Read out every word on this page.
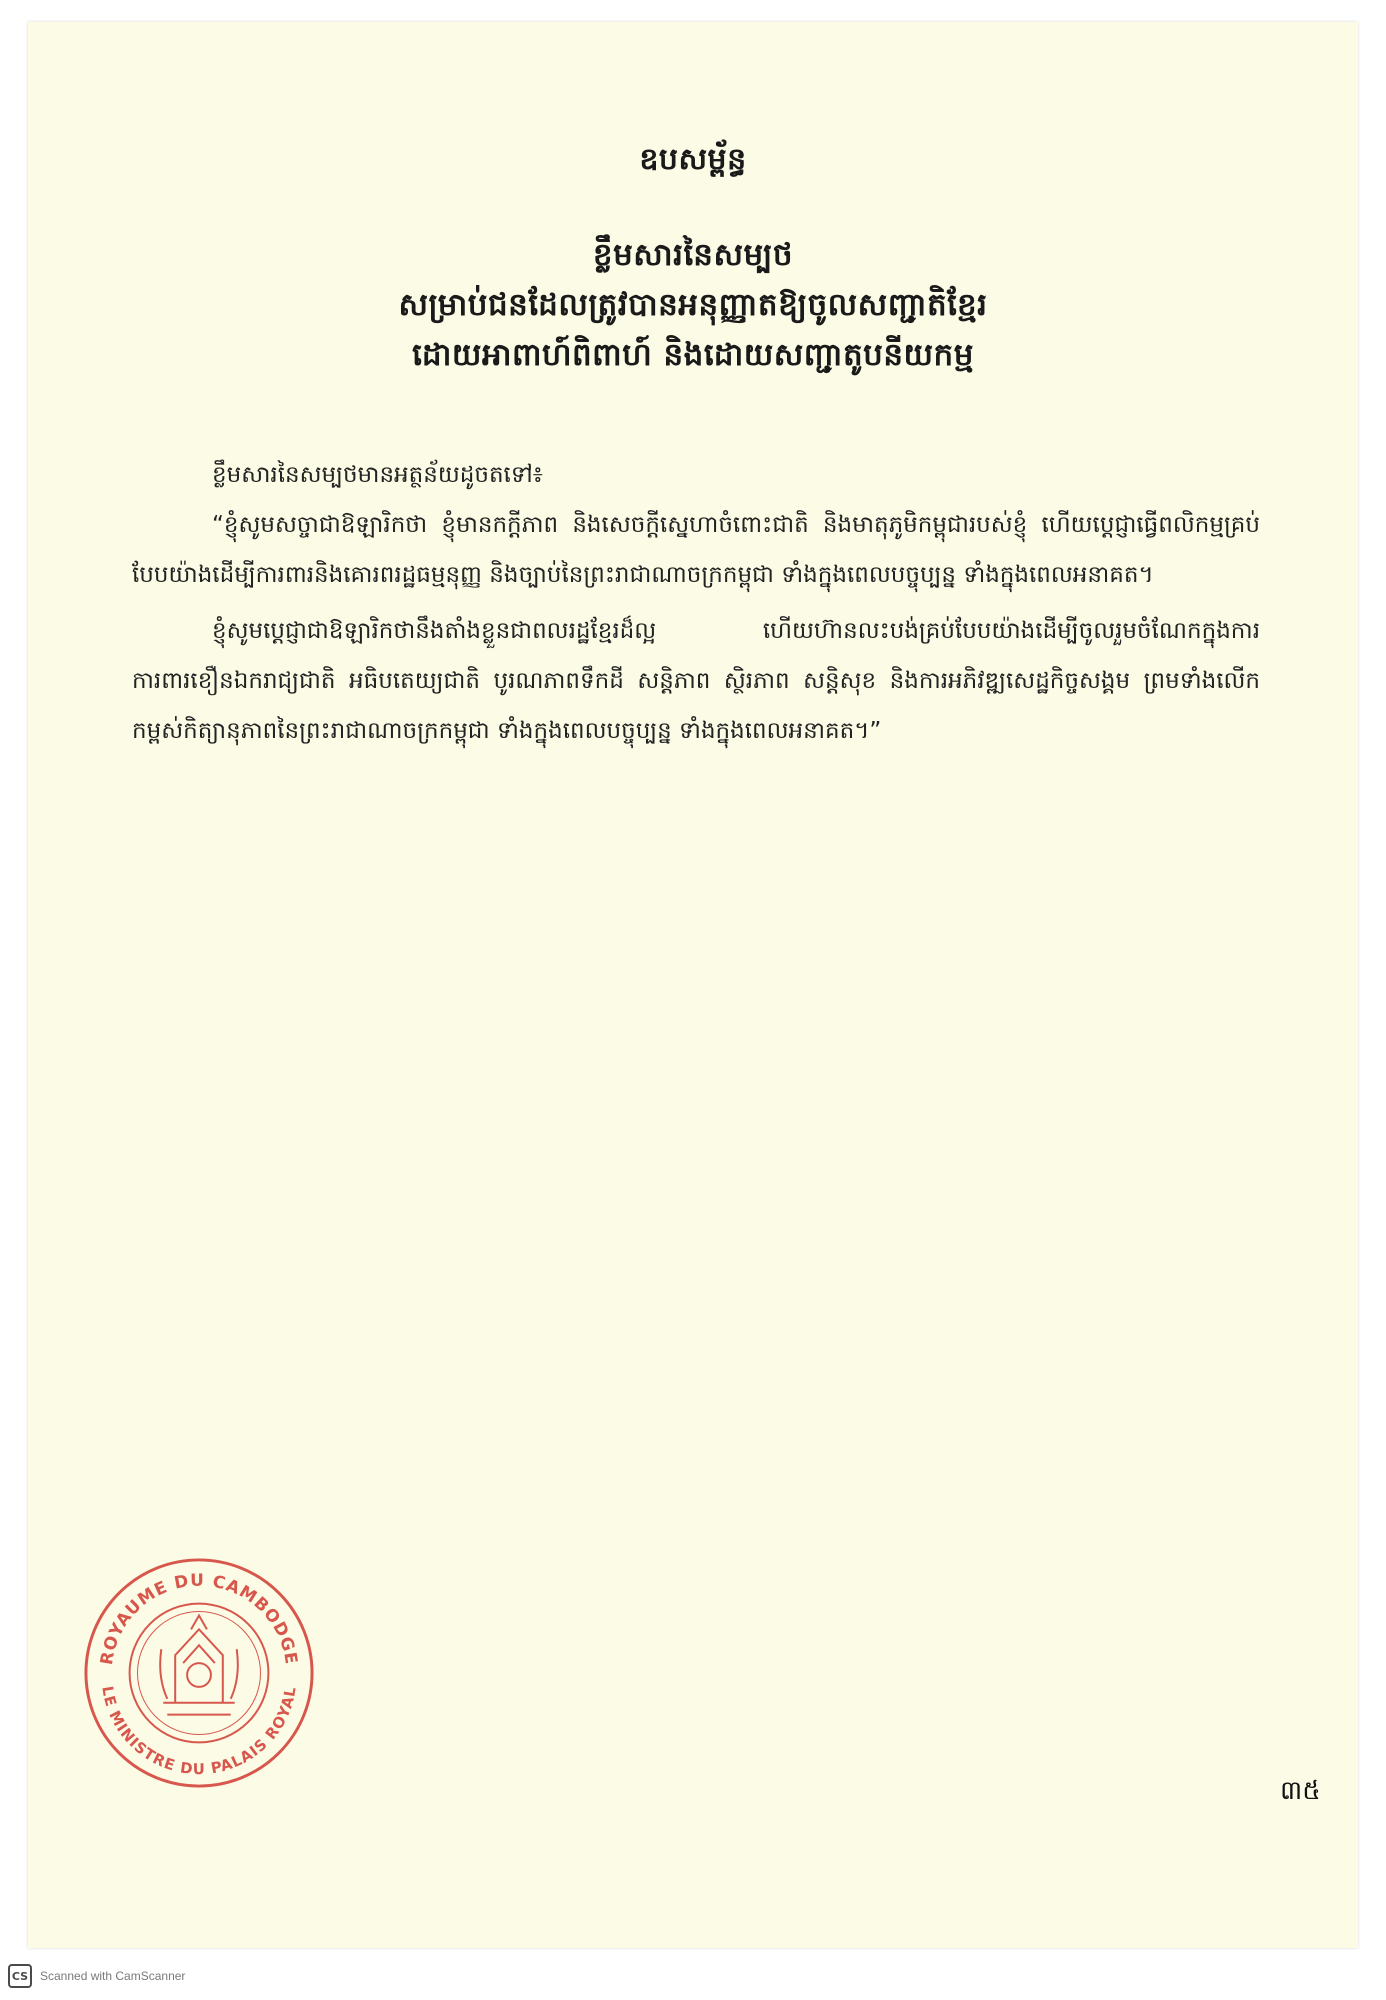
ឧបសម្ព័ន្ធ

ខ្លឹមសារនៃសម្បថ

សម្រាប់ជនដែលត្រូវបានអនុញ្ញាតឱ្យចូលសញ្ជាតិខ្មែរ

ដោយអាពាហ៍ពិពាហ៍ និងដោយសញ្ជាតូបនីយកម្ម

ខ្លឹមសារនៃសម្បថមានអត្ថន័យដូចតទៅ៖

“ខ្ញុំសូមសច្ចាជាឱឡារិកថា ខ្ញុំមានកក្តីភាព និងសេចក្តីស្នេហាចំពោះជាតិ និងមាតុភូមិកម្ពុជារបស់ខ្ញុំ ហើយប្តេជ្ញាធ្វើពលិកម្មគ្រប់បែបយ៉ាងដើម្បីការពារនិងគោរពរដ្ឋធម្មនុញ្ញ និងច្បាប់នៃព្រះរាជាណាចក្រកម្ពុជា ទាំងក្នុងពេលបច្ចុប្បន្ន ទាំងក្នុងពេលអនាគត។

ខ្ញុំសូមប្តេជ្ញាជាឱឡារិកថានឹងតាំងខ្លួនជាពលរដ្ឋខ្មែរដ៏ល្អ ហើយហ៊ានលះបង់គ្រប់បែបយ៉ាងដើម្បីចូលរួមចំណែកក្នុងការការពារខឿនឯករាជ្យជាតិ អធិបតេយ្យជាតិ បូរណភាពទឹកដី សន្តិភាព ស្ថិរភាព សន្តិសុខ និងការអភិវឌ្ឍសេដ្ឋកិច្ចសង្គម ព្រមទាំងលើកកម្ពស់កិត្យានុភាពនៃព្រះរាជាណាចក្រកម្ពុជា ទាំងក្នុងពេលបច្ចុប្បន្ន ទាំងក្នុងពេលអនាគត។”

ROYAUME DU CAMBODGE
LE MINISTRE DU PALAIS ROYAL
៣៥
CS Scanned with CamScanner
